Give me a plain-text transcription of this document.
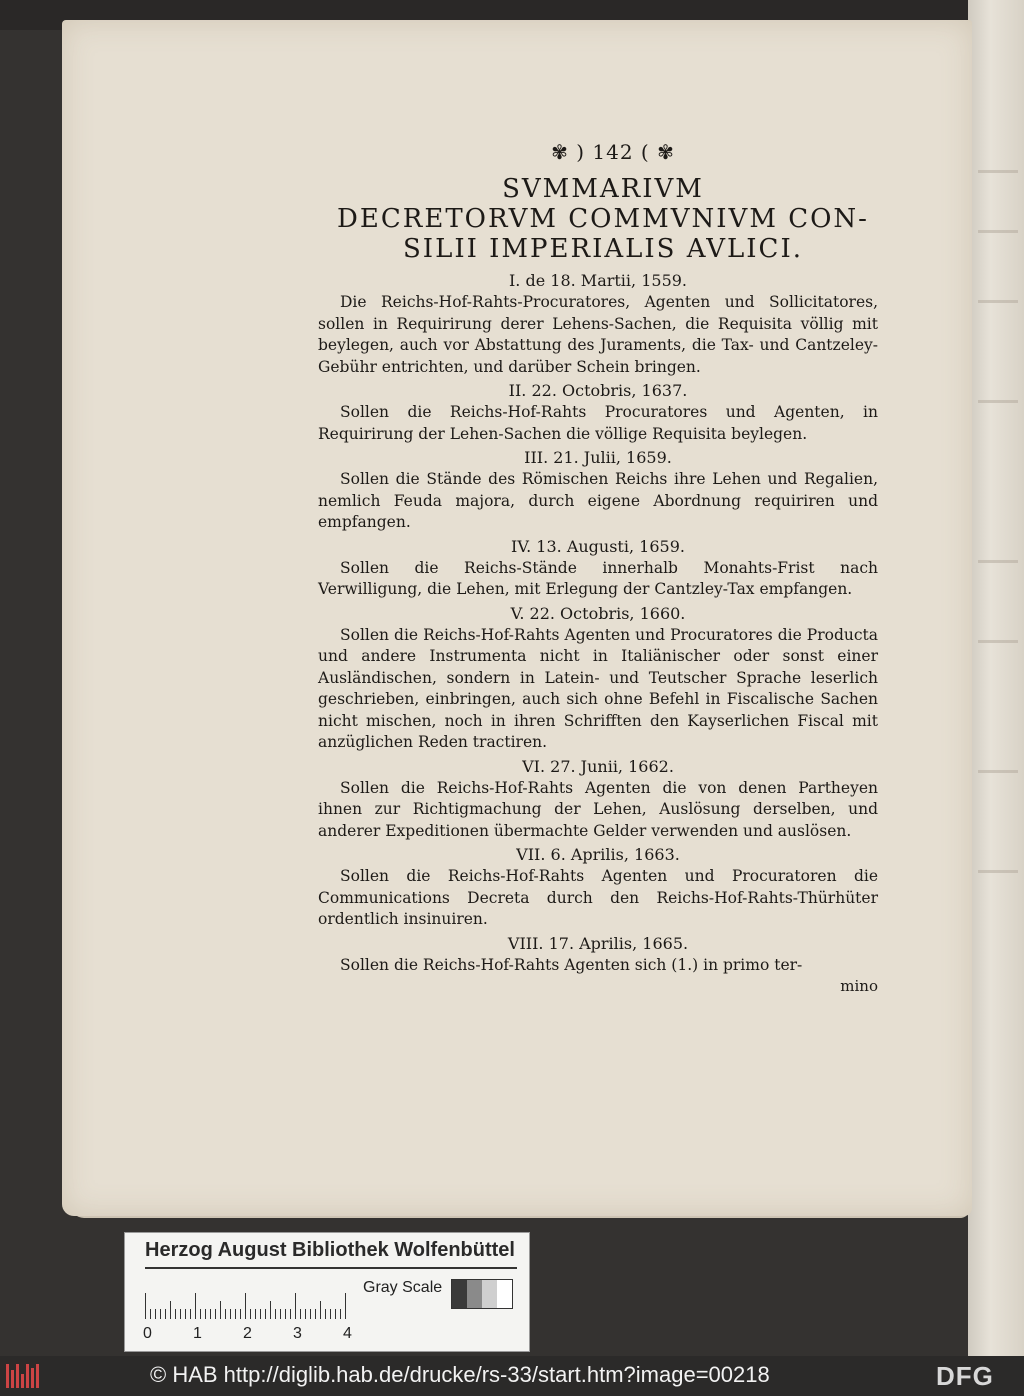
✾ ) 142 ( ✾
SVMMARIVM
DECRETORVM COMMVNIVM CON-
SILII IMPERIALIS AVLICI.
I. de 18. Martii, 1559.
Die Reichs-Hof-Rahts-Procuratores, Agenten und Sollicitatores, sollen in Requirirung derer Lehens-Sachen, die Requisita völlig mit beylegen, auch vor Abstattung des Juraments, die Tax- und Cantzeley-Gebühr entrichten, und darüber Schein bringen.
II. 22. Octobris, 1637.
Sollen die Reichs-Hof-Rahts Procuratores und Agenten, in Requirirung der Lehen-Sachen die völlige Requisita beylegen.
III. 21. Julii, 1659.
Sollen die Stände des Römischen Reichs ihre Lehen und Regalien, nemlich Feuda majora, durch eigene Abordnung requiriren und empfangen.
IV. 13. Augusti, 1659.
Sollen die Reichs-Stände innerhalb Monahts-Frist nach Verwilligung, die Lehen, mit Erlegung der Cantzley-Tax empfangen.
V. 22. Octobris, 1660.
Sollen die Reichs-Hof-Rahts Agenten und Procuratores die Producta und andere Instrumenta nicht in Italiänischer oder sonst einer Ausländischen, sondern in Latein- und Teutscher Sprache leserlich geschrieben, einbringen, auch sich ohne Befehl in Fiscalische Sachen nicht mischen, noch in ihren Schrifften den Kayserlichen Fiscal mit anzüglichen Reden tractiren.
VI. 27. Junii, 1662.
Sollen die Reichs-Hof-Rahts Agenten die von denen Partheyen ihnen zur Richtigmachung der Lehen, Auslösung derselben, und anderer Expeditionen übermachte Gelder verwenden und auslösen.
VII. 6. Aprilis, 1663.
Sollen die Reichs-Hof-Rahts Agenten und Procuratoren die Communications Decreta durch den Reichs-Hof-Rahts-Thürhüter ordentlich insinuiren.
VIII. 17. Aprilis, 1665.
Sollen die Reichs-Hof-Rahts Agenten sich (1.) in primo ter-
mino
Herzog August Bibliothek Wolfenbüttel
0	1	2	3	4
Gray Scale
© HAB http://diglib.hab.de/drucke/rs-33/start.htm?image=00218	DFG
